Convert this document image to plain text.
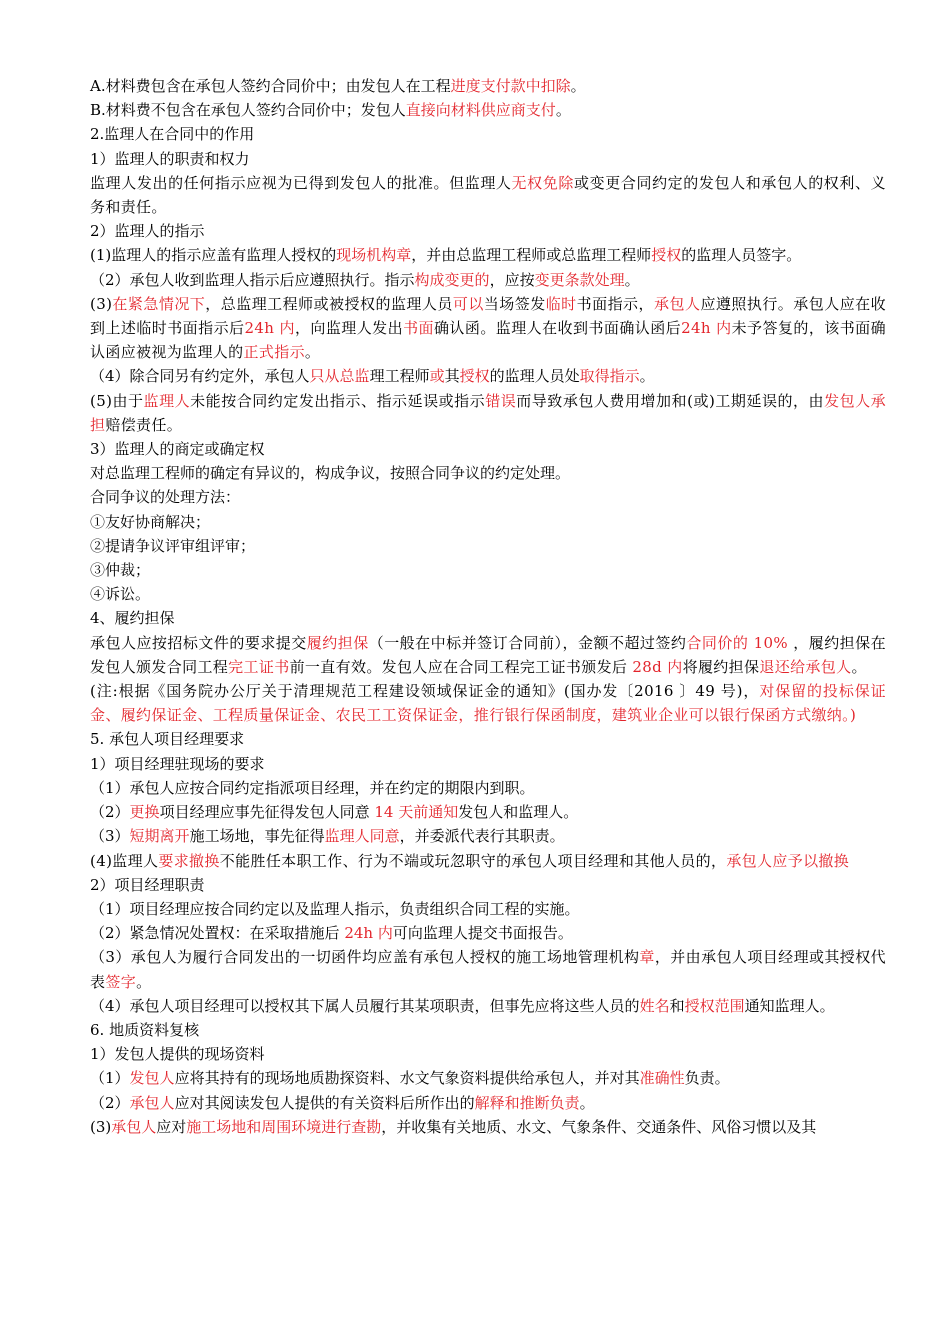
A.材料费包含在承包人签约合同价中；由发包人在工程进度支付款中扣除。

B.材料费不包含在承包人签约合同价中；发包人直接向材料供应商支付。

2.监理人在合同中的作用

1）监理人的职责和权力

监理人发出的任何指示应视为已得到发包人的批准。但监理人无权免除或变更合同约定的发包人和承包人的权利、义务和责任。

2）监理人的指示

(1)监理人的指示应盖有监理人授权的现场机构章，并由总监理工程师或总监理工程师授权的监理人员签字。

（2）承包人收到监理人指示后应遵照执行。指示构成变更的，应按变更条款处理。

(3)在紧急情况下，总监理工程师或被授权的监理人员可以当场签发临时书面指示，承包人应遵照执行。承包人应在收到上述临时书面指示后24h 内，向监理人发出书面确认函。监理人在收到书面确认函后24h 内未予答复的，该书面确认函应被视为监理人的正式指示。

（4）除合同另有约定外，承包人只从总监理工程师或其授权的监理人员处取得指示。

(5)由于监理人未能按合同约定发出指示、指示延误或指示错误而导致承包人费用增加和(或)工期延误的，由发包人承担赔偿责任。

3）监理人的商定或确定权

对总监理工程师的确定有异议的，构成争议，按照合同争议的约定处理。

合同争议的处理方法：

①友好协商解决；

②提请争议评审组评审；

③仲裁；

④诉讼。

4、履约担保

承包人应按招标文件的要求提交履约担保（一般在中标并签订合同前），金额不超过签约合同价的 10% ，履约担保在发包人颁发合同工程完工证书前一直有效。发包人应在合同工程完工证书颁发后 28d 内将履约担保退还给承包人。

(注:根据《国务院办公厅关于清理规范工程建设领域保证金的通知》(国办发〔2016 〕49 号)，对保留的投标保证金、履约保证金、工程质量保证金、农民工工资保证金，推行银行保函制度，建筑业企业可以银行保函方式缴纳。)

5. 承包人项目经理要求

1）项目经理驻现场的要求

（1）承包人应按合同约定指派项目经理，并在约定的期限内到职。

（2）更换项目经理应事先征得发包人同意 14 天前通知发包人和监理人。

（3）短期离开施工场地，事先征得监理人同意，并委派代表行其职责。

(4)监理人要求撤换不能胜任本职工作、行为不端或玩忽职守的承包人项目经理和其他人员的，承包人应予以撤换

2）项目经理职责

（1）项目经理应按合同约定以及监理人指示，负责组织合同工程的实施。

（2）紧急情况处置权：在采取措施后 24h 内可向监理人提交书面报告。

（3）承包人为履行合同发出的一切函件均应盖有承包人授权的施工场地管理机构章，并由承包人项目经理或其授权代表签字。

（4）承包人项目经理可以授权其下属人员履行其某项职责，但事先应将这些人员的姓名和授权范围通知监理人。

6. 地质资料复核

1）发包人提供的现场资料

（1）发包人应将其持有的现场地质勘探资料、水文气象资料提供给承包人，并对其准确性负责。

（2）承包人应对其阅读发包人提供的有关资料后所作出的解释和推断负责。

(3)承包人应对施工场地和周围环境进行查勘，并收集有关地质、水文、气象条件、交通条件、风俗习惯以及其
